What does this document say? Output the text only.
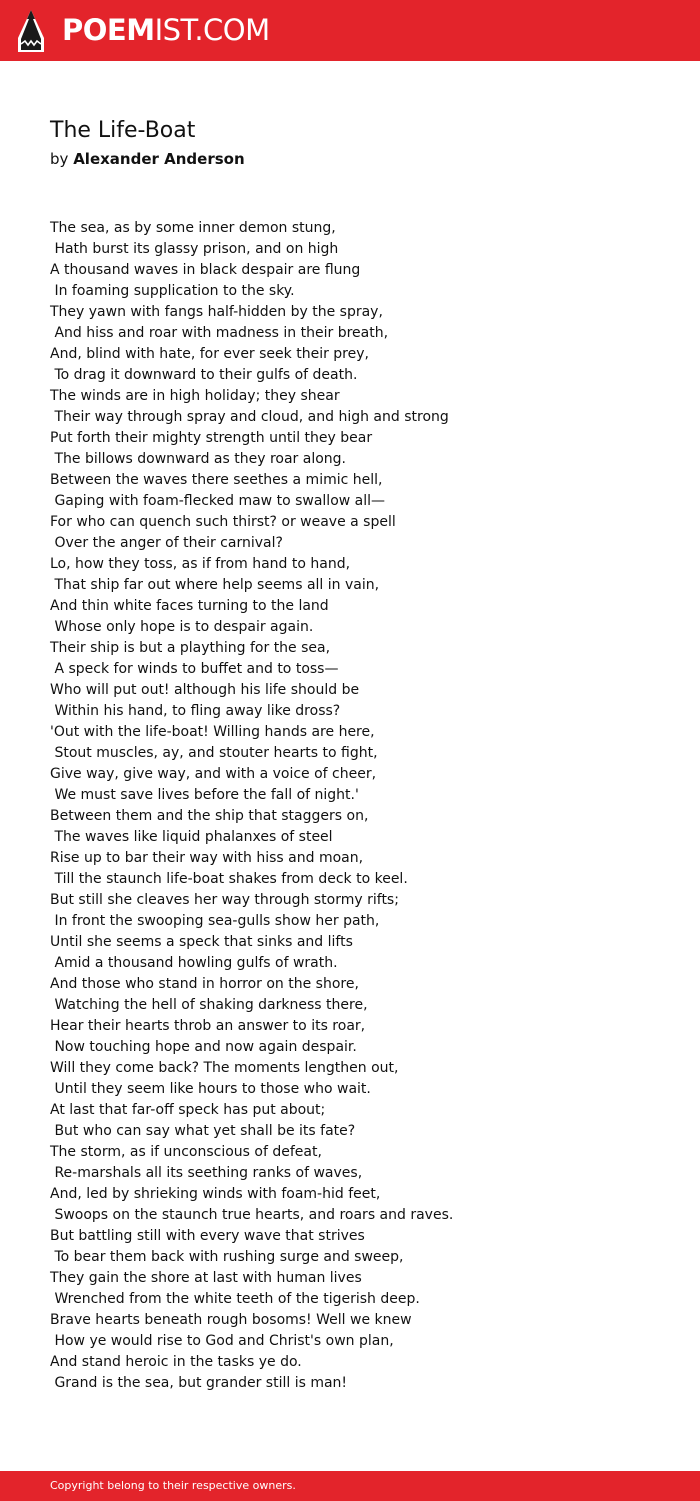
POEMIST.COM
The Life-Boat
by Alexander Anderson
The sea, as by some inner demon stung,
Hath burst its glassy prison, and on high
A thousand waves in black despair are flung
In foaming supplication to the sky.
They yawn with fangs half-hidden by the spray,
And hiss and roar with madness in their breath,
And, blind with hate, for ever seek their prey,
To drag it downward to their gulfs of death.
The winds are in high holiday; they shear
Their way through spray and cloud, and high and strong
Put forth their mighty strength until they bear
The billows downward as they roar along.
Between the waves there seethes a mimic hell,
Gaping with foam-flecked maw to swallow all—
For who can quench such thirst? or weave a spell
Over the anger of their carnival?
Lo, how they toss, as if from hand to hand,
That ship far out where help seems all in vain,
And thin white faces turning to the land
Whose only hope is to despair again.
Their ship is but a plaything for the sea,
A speck for winds to buffet and to toss—
Who will put out! although his life should be
Within his hand, to fling away like dross?
'Out with the life-boat! Willing hands are here,
Stout muscles, ay, and stouter hearts to fight,
Give way, give way, and with a voice of cheer,
We must save lives before the fall of night.'
Between them and the ship that staggers on,
The waves like liquid phalanxes of steel
Rise up to bar their way with hiss and moan,
Till the staunch life-boat shakes from deck to keel.
But still she cleaves her way through stormy rifts;
In front the swooping sea-gulls show her path,
Until she seems a speck that sinks and lifts
Amid a thousand howling gulfs of wrath.
And those who stand in horror on the shore,
Watching the hell of shaking darkness there,
Hear their hearts throb an answer to its roar,
Now touching hope and now again despair.
Will they come back? The moments lengthen out,
Until they seem like hours to those who wait.
At last that far-off speck has put about;
But who can say what yet shall be its fate?
The storm, as if unconscious of defeat,
Re-marshals all its seething ranks of waves,
And, led by shrieking winds with foam-hid feet,
Swoops on the staunch true hearts, and roars and raves.
But battling still with every wave that strives
To bear them back with rushing surge and sweep,
They gain the shore at last with human lives
Wrenched from the white teeth of the tigerish deep.
Brave hearts beneath rough bosoms! Well we knew
How ye would rise to God and Christ's own plan,
And stand heroic in the tasks ye do.
Grand is the sea, but grander still is man!
Copyright belong to their respective owners.
